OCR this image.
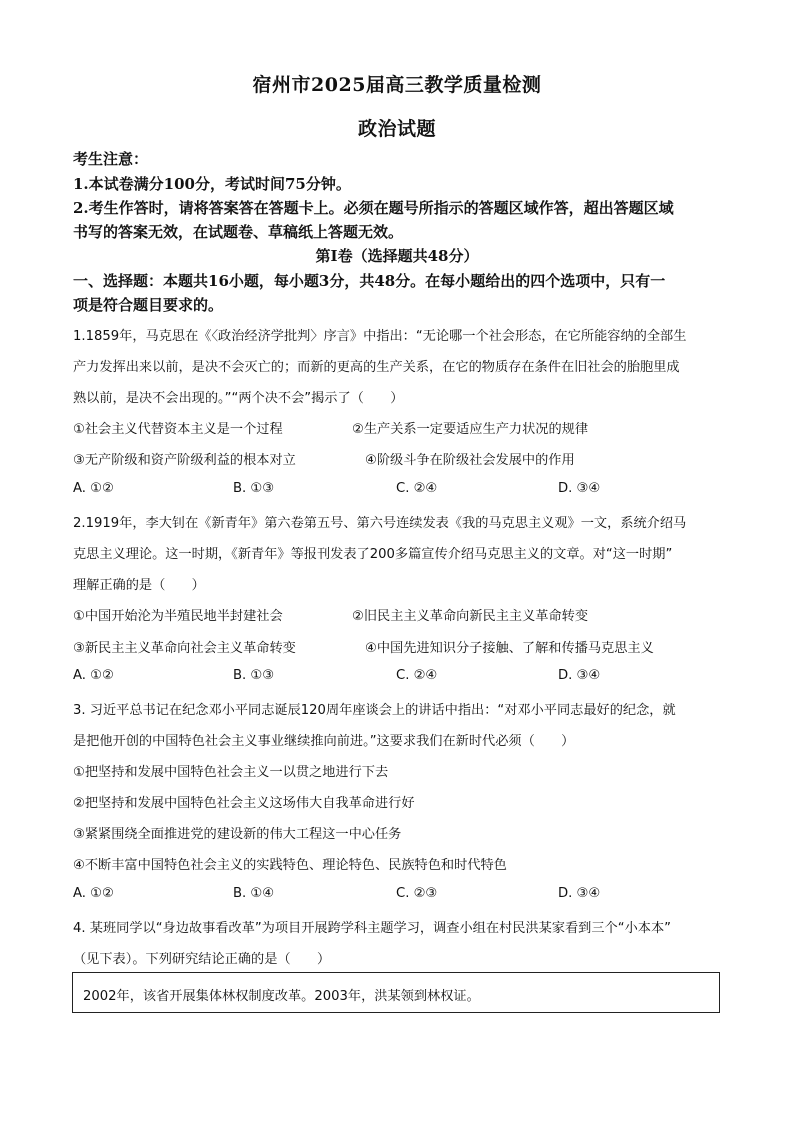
宿州市2025届高三教学质量检测
政治试题
考生注意：
1.本试卷满分100分，考试时间75分钟。
2.考生作答时，请将答案答在答题卡上。必须在题号所指示的答题区域作答，超出答题区域
书写的答案无效，在试题卷、草稿纸上答题无效。
第Ⅰ卷（选择题共48分）
一、选择题：本题共16小题，每小题3分，共48分。在每小题给出的四个选项中，只有一
项是符合题目要求的。
1.1859年，马克思在《〈政治经济学批判〉序言》中指出：“无论哪一个社会形态，在它所能容纳的全部生
产力发挥出来以前，是决不会灭亡的；而新的更高的生产关系，在它的物质存在条件在旧社会的胎胞里成
熟以前，是决不会出现的。”“两个决不会”揭示了（　　）
①社会主义代替资本主义是一个过程	②生产关系一定要适应生产力状况的规律
③无产阶级和资产阶级利益的根本对立	④阶级斗争在阶级社会发展中的作用
A. ①②	B. ①③	C. ②④	D. ③④
2.1919年，李大钊在《新青年》第六卷第五号、第六号连续发表《我的马克思主义观》一文，系统介绍马
克思主义理论。这一时期，《新青年》等报刊发表了200多篇宣传介绍马克思主义的文章。对“这一时期”
理解正确的是（　　）
①中国开始沦为半殖民地半封建社会	②旧民主主义革命向新民主主义革命转变
③新民主主义革命向社会主义革命转变	④中国先进知识分子接触、了解和传播马克思主义
A. ①②	B. ①③	C. ②④	D. ③④
3. 习近平总书记在纪念邓小平同志诞辰120周年座谈会上的讲话中指出：“对邓小平同志最好的纪念，就
是把他开创的中国特色社会主义事业继续推向前进。”这要求我们在新时代必须（　　）
①把坚持和发展中国特色社会主义一以贯之地进行下去
②把坚持和发展中国特色社会主义这场伟大自我革命进行好
③紧紧围绕全面推进党的建设新的伟大工程这一中心任务
④不断丰富中国特色社会主义的实践特色、理论特色、民族特色和时代特色
A. ①②	B. ①④	C. ②③	D. ③④
4. 某班同学以“身边故事看改革”为项目开展跨学科主题学习，调查小组在村民洪某家看到三个“小本本”
（见下表）。下列研究结论正确的是（　　）
2002年，该省开展集体林权制度改革。2003年，洪某领到林权证。
